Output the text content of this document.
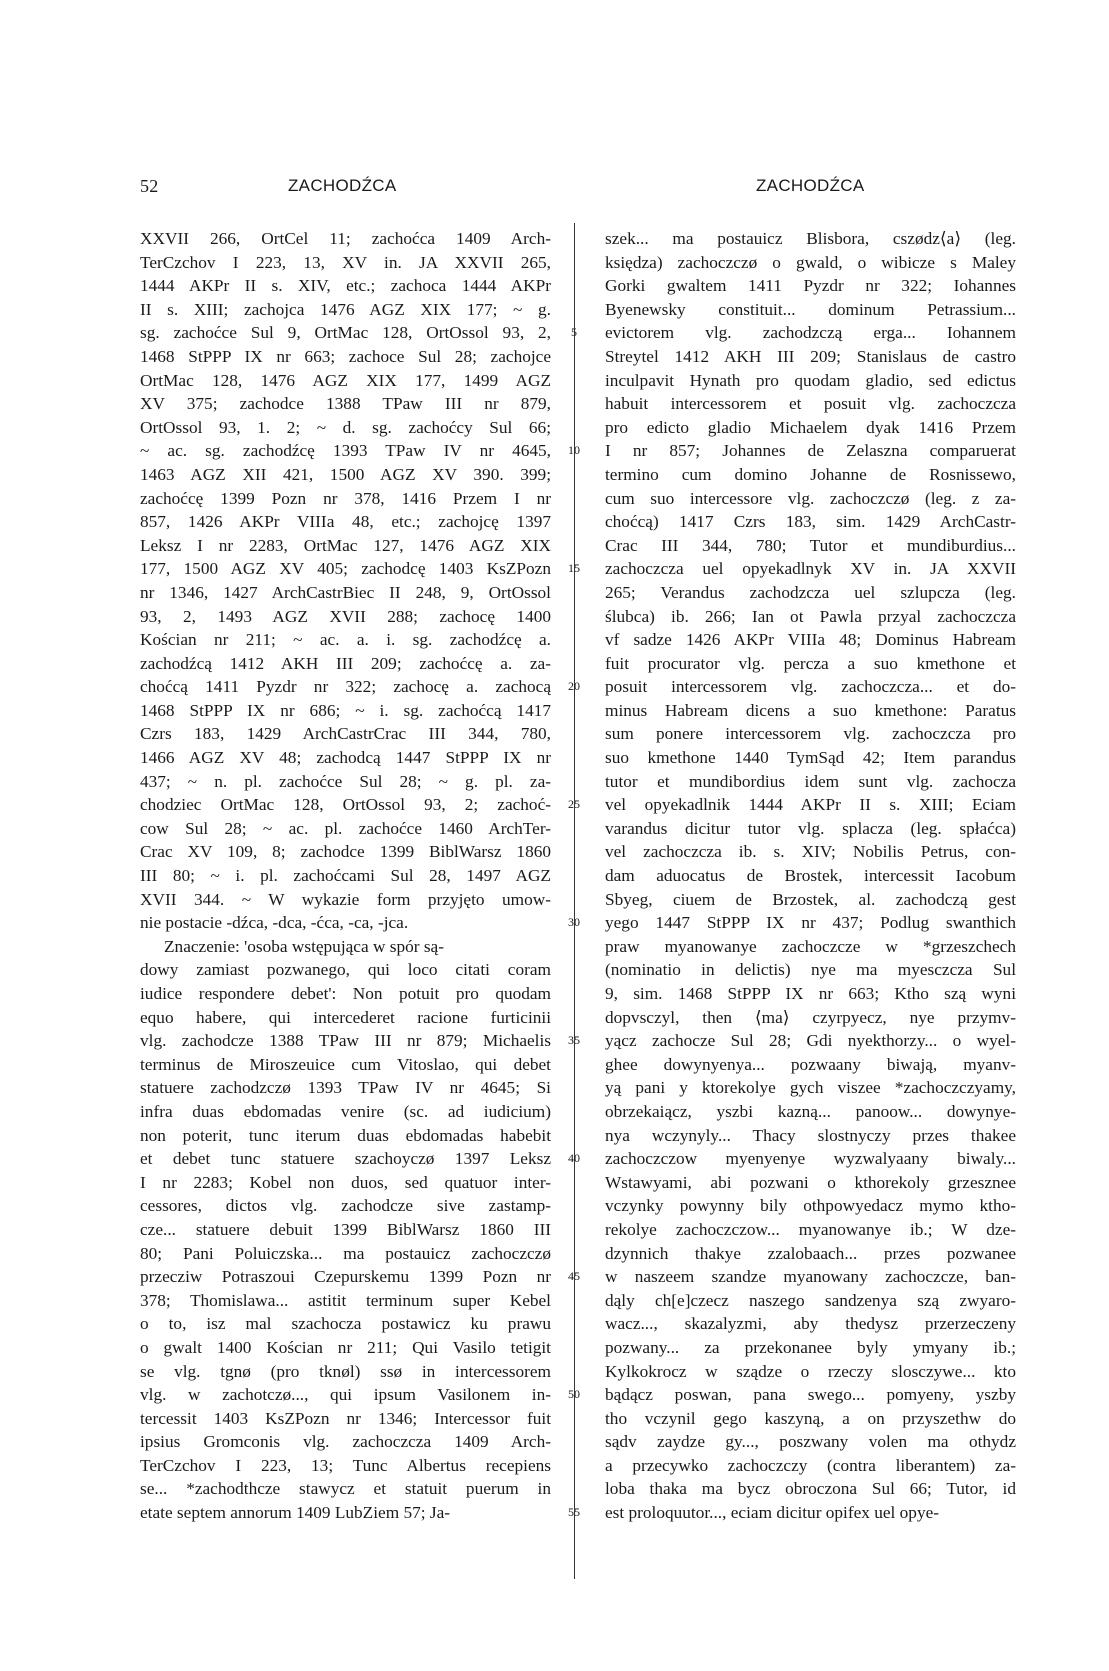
52	ZACHODŹCA	ZACHODŹCA
XXVII 266, OrtCel 11; zachoćca 1409 Arch-
TerCzchov I 223, 13, XV in. JA XXVII 265,
1444 AKPr II s. XIV, etc.; zachoca 1444 AKPr
II s. XIII; zachojca 1476 AGZ XIX 177; ~ g.
sg. zachoćce Sul 9, OrtMac 128, OrtOssol 93, 2,
1468 StPPP IX nr 663; zachoce Sul 28; zachojce
OrtMac 128, 1476 AGZ XIX 177, 1499 AGZ
XV 375; zachodce 1388 TPaw III nr 879,
OrtOssol 93, 1. 2; ~ d. sg. zachoćcy Sul 66;
~ ac. sg. zachodźcę 1393 TPaw IV nr 4645,
1463 AGZ XII 421, 1500 AGZ XV 390. 399;
zachoćcę 1399 Pozn nr 378, 1416 Przem I nr
857, 1426 AKPr VIIIa 48, etc.; zachojcę 1397
Leksz I nr 2283, OrtMac 127, 1476 AGZ XIX
177, 1500 AGZ XV 405; zachodcę 1403 KsZPozn
nr 1346, 1427 ArchCastrBiec II 248, 9, OrtOssol
93, 2, 1493 AGZ XVII 288; zachocę 1400
Kościan nr 211; ~ ac. a. i. sg. zachodźcę a.
zachodźcą 1412 AKH III 209; zachoćcę a. za-
choćcą 1411 Pyzdr nr 322; zachocę a. zachocą
1468 StPPP IX nr 686; ~ i. sg. zachoćcą 1417
Czrs 183, 1429 ArchCastrCrac III 344, 780,
1466 AGZ XV 48; zachodcą 1447 StPPP IX nr
437; ~ n. pl. zachoćce Sul 28; ~ g. pl. za-
chodziec OrtMac 128, OrtOssol 93, 2; zachoć-
cow Sul 28; ~ ac. pl. zachoćce 1460 ArchTer-
Crac XV 109, 8; zachodce 1399 BiblWarsz 1860
III 80; ~ i. pl. zachoćcami Sul 28, 1497 AGZ
XVII 344. ~ W wykazie form przyjęto umow-
nie postacie -dźca, -dca, -ćca, -ca, -jca.
Znaczenie: 'osoba wstępująca w spór są-
dowy zamiast pozwanego, qui loco citati coram
iudice respondere debet': Non potuit pro quodam
equo habere, qui intercederet racione furticinii
vlg. zachodcze 1388 TPaw III nr 879; Michaelis
terminus de Miroszeuice cum Vitoslao, qui debet
statuere zachodzczø 1393 TPaw IV nr 4645; Si
infra duas ebdomadas venire (sc. ad iudicium)
non poterit, tunc iterum duas ebdomadas habebit
et debet tunc statuere szachoyczø 1397 Leksz
I nr 2283; Kobel non duos, sed quatuor inter-
cessores, dictos vlg. zachodcze sive zastamp-
cze... statuere debuit 1399 BiblWarsz 1860 III
80; Pani Poluiczska... ma postauicz zachoczczø
przecziw Potraszoui Czepurskemu 1399 Pozn nr
378; Thomislawa... astitit terminum super Kebel
o to, isz mal szachocza postawicz ku prawu
o gwalt 1400 Kościan nr 211; Qui Vasilo tetigit
se vlg. tgnø (pro tknøl) ssø in intercessorem
vlg. w zachotczø..., qui ipsum Vasilonem in-
tercessit 1403 KsZPozn nr 1346; Intercessor fuit
ipsius Gromconis vlg. zachoczcza 1409 Arch-
TerCzchov I 223, 13; Tunc Albertus recepiens
se... *zachodthcze stawycz et statuit puerum in
etate septem annorum 1409 LubZiem 57; Ja-
5
10
15
20
25
30
35
40
45
50
55
szek... ma postauicz Blisbora, cszødz⟨a⟩ (leg.
księdza) zachoczczø o gwald, o wibicze s Maley
Gorki gwaltem 1411 Pyzdr nr 322; Iohannes
Byenewsky constituit... dominum Petrassium...
evictorem vlg. zachodzczą erga... Iohannem
Streytel 1412 AKH III 209; Stanislaus de castro
inculpavit Hynath pro quodam gladio, sed edictus
habuit intercessorem et posuit vlg. zachoczcza
pro edicto gladio Michaelem dyak 1416 Przem
I nr 857; Johannes de Zelaszna comparuerat
termino cum domino Johanne de Rosnissewo,
cum suo intercessore vlg. zachoczczø (leg. z za-
choćcą) 1417 Czrs 183, sim. 1429 ArchCastr-
Crac III 344, 780; Tutor et mundiburdius...
zachoczcza uel opyekadlnyk XV in. JA XXVII
265; Verandus zachodzcza uel szlupcza (leg.
ślubca) ib. 266; Ian ot Pawla przyal zachoczcza
vf sadze 1426 AKPr VIIIa 48; Dominus Habream
fuit procurator vlg. percza a suo kmethone et
posuit intercessorem vlg. zachoczcza... et do-
minus Habream dicens a suo kmethone: Paratus
sum ponere intercessorem vlg. zachoczcza pro
suo kmethone 1440 TymSąd 42; Item parandus
tutor et mundibordius idem sunt vlg. zachocza
vel opyekadlnik 1444 AKPr II s. XIII; Eciam
varandus dicitur tutor vlg. splacza (leg. spłaćca)
vel zachoczcza ib. s. XIV; Nobilis Petrus, con-
dam aduocatus de Brostek, intercessit Iacobum
Sbyeg, ciuem de Brzostek, al. zachodczą gest
yego 1447 StPPP IX nr 437; Podlug swanthich
praw myanowanye zachoczcze w *grzeszchech
(nominatio in delictis) nye ma myesczcza Sul
9, sim. 1468 StPPP IX nr 663; Ktho szą wyni
dopvsczyl, then ⟨ma⟩ czyrpyecz, nye przymv-
yącz zachocze Sul 28; Gdi nyekthorzy... o wyel-
ghee dowynyenya... pozwaany biwają, myanv-
yą pani y ktorekolye gych viszee *zachoczczyamy,
obrzekaiącz, yszbi kazną... panoow... dowynye-
nya wczynyly... Thacy slostnyczy przes thakee
zachoczczow myenyenye wyzwalyaany biwaly...
Wstawyami, abi pozwani o kthorekoly grzesznee
vczynky powynny bily othpowyedacz mymo ktho-
rekolye zachoczczow... myanowanye ib.; W dze-
dzynnich thakye zzalobaach... przes pozwanee
w naszeem szandze myanowany zachoczcze, ban-
dąly ch[e]czecz naszego sandzenya szą zwyaro-
wacz..., skazalyzmi, aby thedysz przerzeczeny
pozwany... za przekonanee byly ymyany ib.;
Kylkokrocz w sządze o rzeczy slosczywe... kto
bądącz poswan, pana swego... pomyeny, yszby
tho vczynil gego kaszyną, a on przyszethw do
sądv zaydze gy..., poszwany volen ma othydz
a przecywko zachoczczy (contra liberantem) za-
loba thaka ma bycz obroczona Sul 66; Tutor, id
est proloquutor..., eciam dicitur opifex uel opye-
